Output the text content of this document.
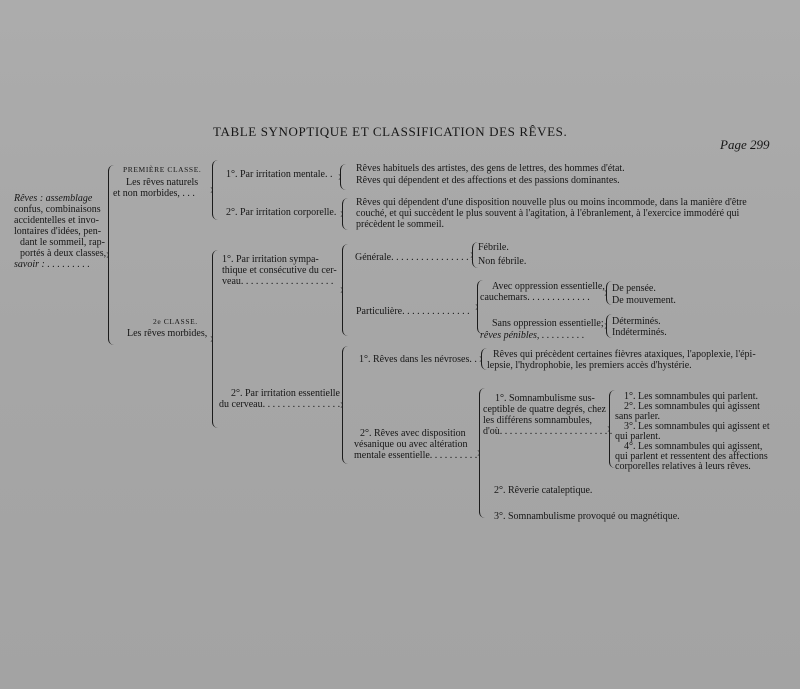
TABLE SYNOPTIQUE ET CLASSIFICATION DES RÊVES.
Page 299
Rêves : assemblage
confus, combinaisons
accidentelles et invo-
lontaires d'idées, pen-
dant le sommeil, rap-
portés à deux classes,
savoir : . . . . . . . . .
PREMIÈRE CLASSE.
Les rêves naturels
et non morbides, . . .
1°. Par irritation mentale. .
Rêves habituels des artistes, des gens de lettres, des hommes d'état.
Rêves qui dépendent et des affections et des passions dominantes.
2°. Par irritation corporelle.
Rêves qui dépendent d'une disposition nouvelle plus ou moins incommode, dans la manière d'être
couché, et qui succèdent le plus souvent à l'agitation, à l'ébranlement, à l'exercice immodéré qui
précèdent le sommeil.
2e CLASSE.
Les rêves morbides,
1°. Par irritation sympa-
thique et consécutive du cer-
veau. . . . . . . . . . . . . . . . . . .
Générale. . . . . . . . . . . . . . . . .
Fébrile.
Non fébrile.
Particulière. . . . . . . . . . . . . .
Avec oppression essentielle,
cauchemars. . . . . . . . . . . . .
De pensée.
De mouvement.
Sans oppression essentielle;
rêves pénibles, . . . . . . . . .
Déterminés.
Indéterminés.
2°. Par irritation essentielle
du cerveau. . . . . . . . . . . . . . . .
1°. Rêves dans les névroses. . Rêves qui précèdent certaines fièvres ataxiques, l'apoplexie, l'épi-
lepsie, l'hydrophobie, les premiers accès d'hystérie.
2°. Rêves avec disposition
vésanique ou avec altération
mentale essentielle. . . . . . . . . .
1°. Somnambulisme sus-
ceptible de quatre degrés, chez
les différens somnambules,
d'où. . . . . . . . . . . . . . . . . . . . . . .
1°. Les somnambules qui parlent.
2°. Les somnambules qui agissent
sans parler.
3°. Les somnambules qui agissent et
qui parlent.
4°. Les somnambules qui agissent,
qui parlent et ressentent des affections
corporelles relatives à leurs rêves.
2°. Rêverie cataleptique.
3°. Somnambulisme provoqué ou magnétique.
